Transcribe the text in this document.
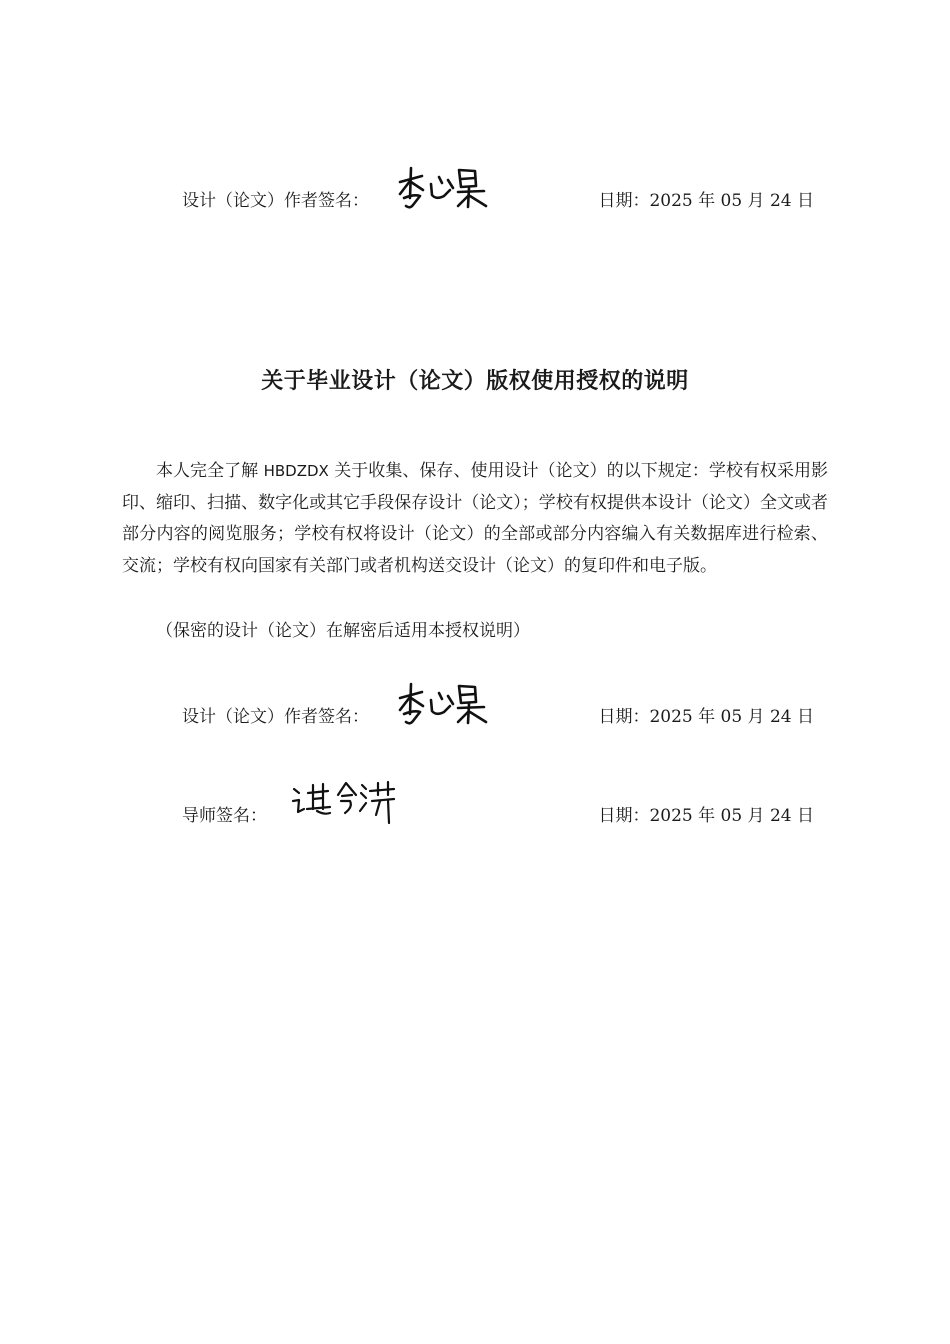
设计（论文）作者签名：	日期：2025 年 05 月 24 日
关于毕业设计（论文）版权使用授权的说明

本人完全了解 HBDZDX 关于收集、保存、使用设计（论文）的以下规定：学校有权采用影印、缩印、扫描、数字化或其它手段保存设计（论文）；学校有权提供本设计（论文）全文或者部分内容的阅览服务；学校有权将设计（论文）的全部或部分内容编入有关数据库进行检索、交流；学校有权向国家有关部门或者机构送交设计（论文）的复印件和电子版。

（保密的设计（论文）在解密后适用本授权说明）

设计（论文）作者签名：	日期：2025 年 05 月 24 日
导师签名：	日期：2025 年 05 月 24 日
